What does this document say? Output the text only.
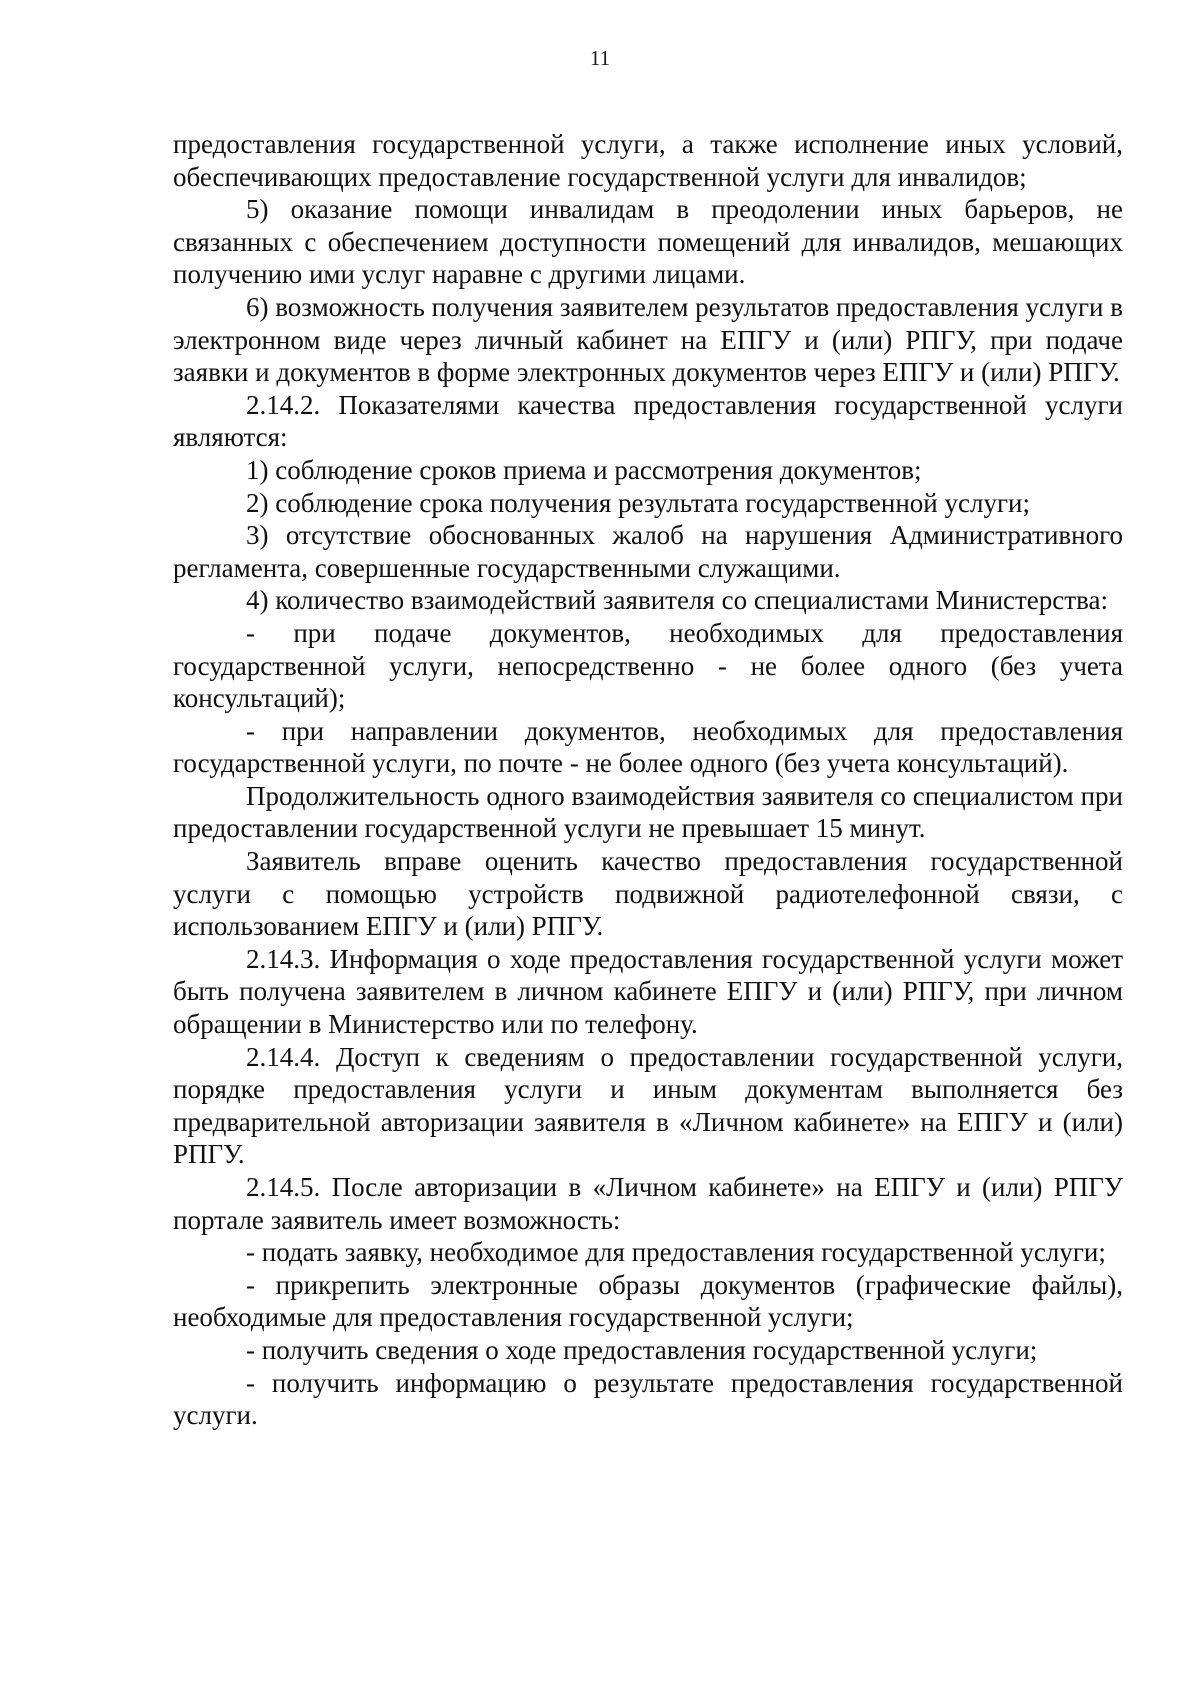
11

предоставления государственной услуги, а также исполнение иных условий, обеспечивающих предоставление государственной услуги для инвалидов;

5) оказание помощи инвалидам в преодолении иных барьеров, не связанных с обеспечением доступности помещений для инвалидов, мешающих получению ими услуг наравне с другими лицами.

6) возможность получения заявителем результатов предоставления услуги в электронном виде через личный кабинет на ЕПГУ и (или) РПГУ, при подаче заявки и документов в форме электронных документов через ЕПГУ и (или) РПГУ.

2.14.2. Показателями качества предоставления государственной услуги являются:

1) соблюдение сроков приема и рассмотрения документов;

2) соблюдение срока получения результата государственной услуги;

3) отсутствие обоснованных жалоб на нарушения Административного регламента, совершенные государственными служащими.

4) количество взаимодействий заявителя со специалистами Министерства:

- при подаче документов, необходимых для предоставления государственной услуги, непосредственно - не более одного (без учета консультаций);

- при направлении документов, необходимых для предоставления государственной услуги, по почте - не более одного (без учета консультаций).

Продолжительность одного взаимодействия заявителя со специалистом при предоставлении государственной услуги не превышает 15 минут.

Заявитель вправе оценить качество предоставления государственной услуги с помощью устройств подвижной радиотелефонной связи, с использованием ЕПГУ и (или) РПГУ.

2.14.3. Информация о ходе предоставления государственной услуги может быть получена заявителем в личном кабинете ЕПГУ и (или) РПГУ, при личном обращении в Министерство или по телефону.

2.14.4. Доступ к сведениям о предоставлении государственной услуги, порядке предоставления услуги и иным документам выполняется без предварительной авторизации заявителя в «Личном кабинете» на ЕПГУ и (или) РПГУ.

2.14.5. После авторизации в «Личном кабинете» на ЕПГУ и (или) РПГУ портале заявитель имеет возможность:

- подать заявку, необходимое для предоставления государственной услуги;

- прикрепить электронные образы документов (графические файлы), необходимые для предоставления государственной услуги;

- получить сведения о ходе предоставления государственной услуги;

- получить информацию о результате предоставления государственной услуги.
